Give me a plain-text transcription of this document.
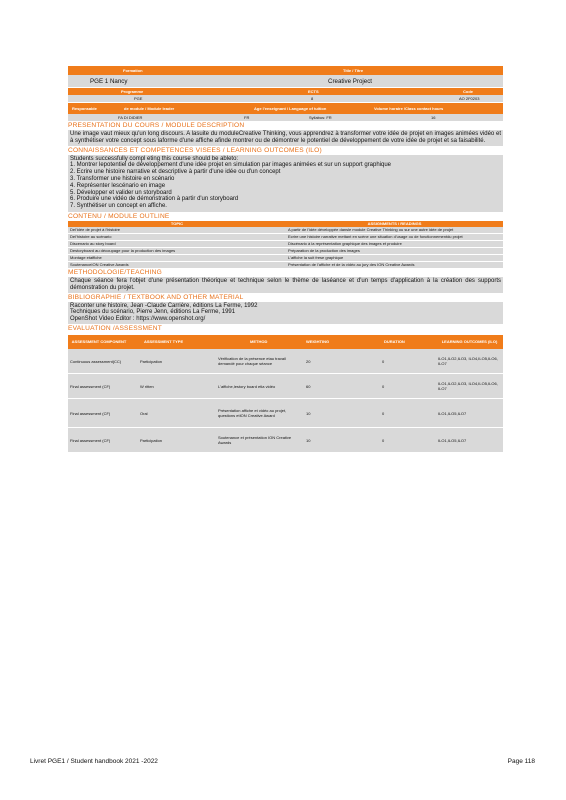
Formation	Title / Titre
PGE 1 Nancy	Creative Project
Programme	ECTS	Code
PGE	8	AO 2F0203
Responsable	de module / Module leader	Age l'enseignant / Language of tuition	Volume horaire /Class contact hours
FA DI DIDIER	FR	Syllabus: FR	16
PRESENTATION DU COURS / MODULE DESCRIPTION
Une image vaut mieux qu'un long discours. A lasuite du moduleCreative Thinking, vous apprendrez à transformer votre idée de projet en images animées vidéo et à synthétiser votre concept sous laforme d'une affiche afinde montrer ou de démontrer le potentiel de développement de votre idée de projet et sa faisabilité.
CONNAISSANCES ET COMPETENCES VISEES / LEARNING OUTCOMES (ILO)
Students successfully compl eting this course should be ableto:
1. Montrer lepotentiel de développement d'une idée projet en simulation par images animées et sur un support graphique
2. Ecrire une histoire narrative et descriptive à partir d'une idée ou d'un concept
3. Transformer une histoire en scénario
4. Représenter lescénario en image
5. Développer et valider un storyboard
6. Produire une vidéo de démonstration à partir d'un storyboard
7. Synthétiser un concept en affiche.
CONTENU / MODULE OUTLINE
TOPIC	ASSIGNMENTS / READINGS
Del'idée de projet à l'histoire	A partir de l'idée développée dansle module Creative Thinking ou sur une autre idée de projet
Del'histoire au scénario	Ecrire une histoire narrative mettant en scène une situation d'usage ou de fonctionnementdu projet
Discenario au story board	Discénario à la représentation graphique des images et produire
Destoryboard au découpage pour la production des images	Préparation de la production des images
Montage etaffiche	L'affiche la suit frese graphique
SoutenanceION Creative Awards	Présentation de l'affiche et de la vidéo au jury des ION Creative Awards
METHODOLOGIE/TEACHING
Chaque séance fera l'objet d'une présentation théorique et technique selon le thème de laséance et d'un temps d'application à la création des supports démonstration du projet.
BIBLIOGRAPHIE / TEXTBOOK AND OTHER MATERIAL
Raconter une histoire, Jean -Claude Carrière, éditions La Ferme, 1992
Techniques du scénario, Pierre Jenn, éditions La Ferme, 1991
OpenShot Video Editor : https://www.openshot.org/
EVALUATION /ASSESSMENT
ASSESSMENT COMPONENT	ASSESSMENT TYPE	METHOD	WEIGHTING	DURATION	LEARNING OUTCOMES (ILO)
Continuous assessment(CC)	Participation	Vérification de la présence etau travail demandé pour chaque séance	20	0	ILO1,ILO2,ILO3, ILO4,ILO5,ILO6, ILO7
Final assessment (CF)	W ritten	L'affiche,lestory board etla vidéo	60	0	ILO1,ILO2,ILO3, ILO4,ILO5,ILO6, ILO7
Final assessment (CF)	Oral	Présentation affiche et vidéo au projet, questions etION Creative Award	10	0	ILO1,ILO5,ILO7
Final assessment (CF)	Participation	Soutenance et présentation ION Creative Awards	10	0	ILO1,ILO5,ILO7
Livret PGE1 / Student handbook 2021 -2022	Page 118
